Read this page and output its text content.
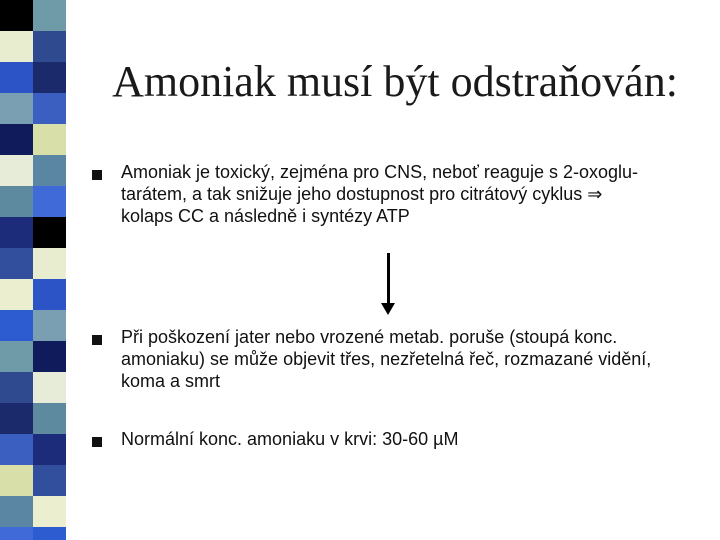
Amoniak musí být odstraňován:
Amoniak je toxický, zejména pro CNS, neboť reaguje s 2-oxoglu-
tarátem, a tak snižuje jeho dostupnost pro citrátový cyklus ⇒
kolaps CC a následně i syntézy ATP
Při poškození jater nebo vrozené metab. poruše (stoupá konc.
amoniaku) se může objevit třes, nezřetelná řeč, rozmazané vidění,
koma a smrt
Normální konc. amoniaku v krvi: 30-60 µM
